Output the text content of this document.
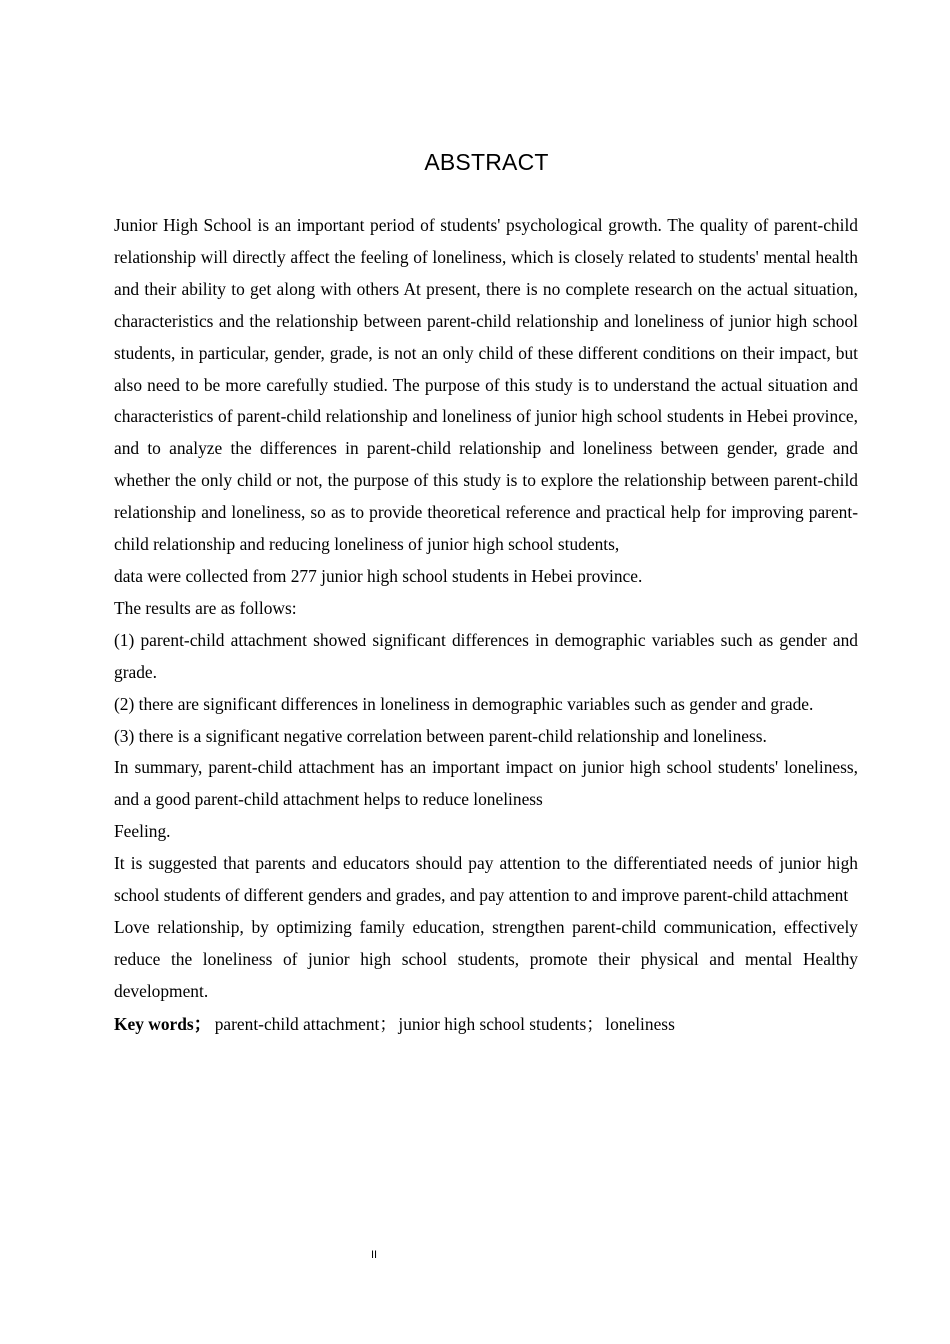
ABSTRACT

Junior High School is an important period of students' psychological growth. The quality of parent-child relationship will directly affect the feeling of loneliness, which is closely related to students' mental health and their ability to get along with others At present, there is no complete research on the actual situation, characteristics and the relationship between parent-child relationship and loneliness of junior high school students, in particular, gender, grade, is not an only child of these different conditions on their impact, but also need to be more carefully studied. The purpose of this study is to understand the actual situation and characteristics of parent-child relationship and loneliness of junior high school students in Hebei province, and to analyze the differences in parent-child relationship and loneliness between gender, grade and whether the only child or not, the purpose of this study is to explore the relationship between parent-child relationship and loneliness, so as to provide theoretical reference and practical help for improving parent-child relationship and reducing loneliness of junior high school students,

data were collected from 277 junior high school students in Hebei province.

The results are as follows:

(1) parent-child attachment showed significant differences in demographic variables such as gender and grade.

(2) there are significant differences in loneliness in demographic variables such as gender and grade.

(3) there is a significant negative correlation between parent-child relationship and loneliness.

In summary, parent-child attachment has an important impact on junior high school students' loneliness, and a good parent-child attachment helps to reduce loneliness

Feeling.

It is suggested that parents and educators should pay attention to the differentiated needs of junior high school students of different genders and grades, and pay attention to and improve parent-child attachment

Love relationship, by optimizing family education, strengthen parent-child communication, effectively reduce the loneliness of junior high school students, promote their physical and mental Healthy development.

Key words； parent-child attachment；junior high school students；loneliness

II
